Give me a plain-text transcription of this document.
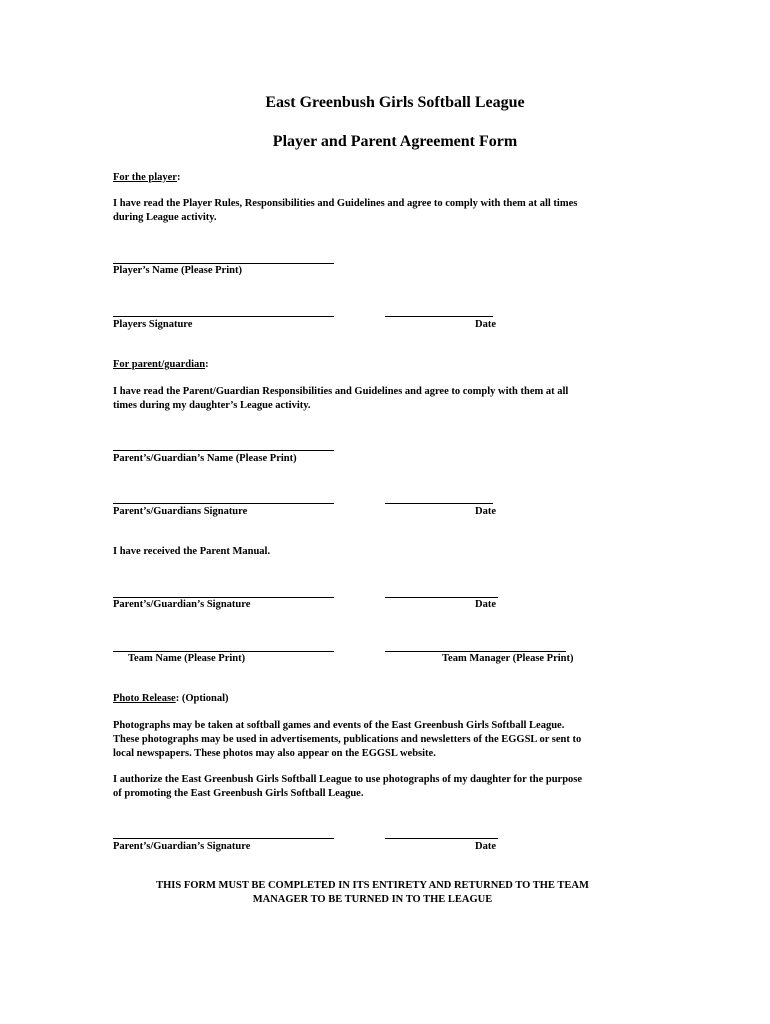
East Greenbush Girls Softball League
Player and Parent Agreement Form
For the player:
I have read the Player Rules, Responsibilities and Guidelines and agree to comply with them at all times
during League activity.
Player’s Name (Please Print)
Players Signature	Date
For parent/guardian:
I have read the Parent/Guardian Responsibilities and Guidelines and agree to comply with them at all
times during my daughter’s League activity.
Parent’s/Guardian’s Name (Please Print)
Parent’s/Guardians Signature	Date
I have received the Parent Manual.
Parent’s/Guardian’s Signature	Date
Team Name (Please Print)	Team Manager (Please Print)
Photo Release: (Optional)
Photographs may be taken at softball games and events of the East Greenbush Girls Softball League.
These photographs may be used in advertisements, publications and newsletters of the EGGSL or sent to
local newspapers. These photos may also appear on the EGGSL website.
I authorize the East Greenbush Girls Softball League to use photographs of my daughter for the purpose
of promoting the East Greenbush Girls Softball League.
Parent’s/Guardian’s Signature	Date
THIS FORM MUST BE COMPLETED IN ITS ENTIRETY AND RETURNED TO THE TEAM
MANAGER TO BE TURNED IN TO THE LEAGUE
